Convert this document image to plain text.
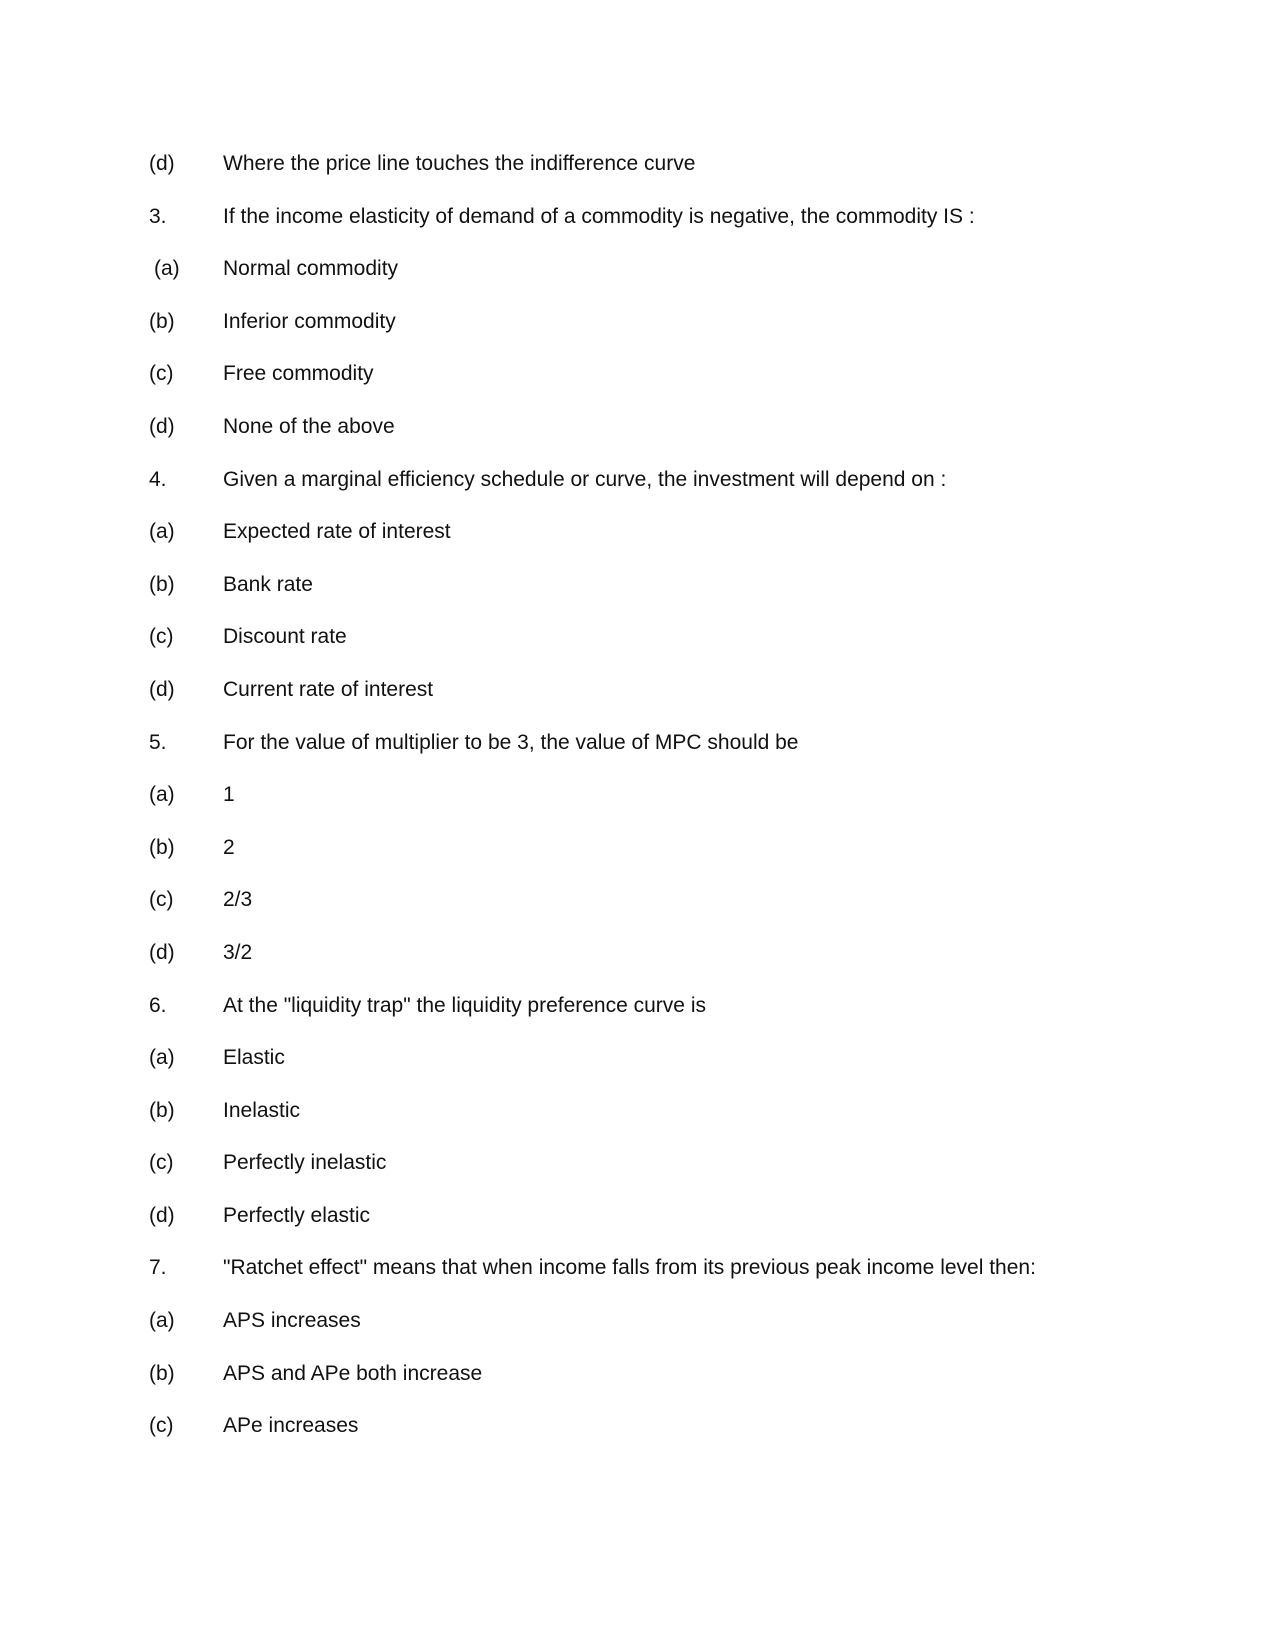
(d) Where the price line touches the indifference curve
3.	If the income elasticity of demand of a commodity is negative, the commodity IS :
(a) Normal commodity
(b) Inferior commodity
(c) Free commodity
(d) None of the above
4.	Given a marginal efficiency schedule or curve, the investment will depend on :
(a) Expected rate of interest
(b) Bank rate
(c) Discount rate
(d) Current rate of interest
5.	For the value of multiplier to be 3, the value of MPC should be
(a) 1
(b) 2
(c) 2/3
(d) 3/2
6.	At the "liquidity trap" the liquidity preference curve is
(a) Elastic
(b) Inelastic
(c) Perfectly inelastic
(d) Perfectly elastic
7.	"Ratchet effect" means that when income falls from its previous peak income level then:
(a) APS increases
(b) APS and APe both increase
(c) APe increases
